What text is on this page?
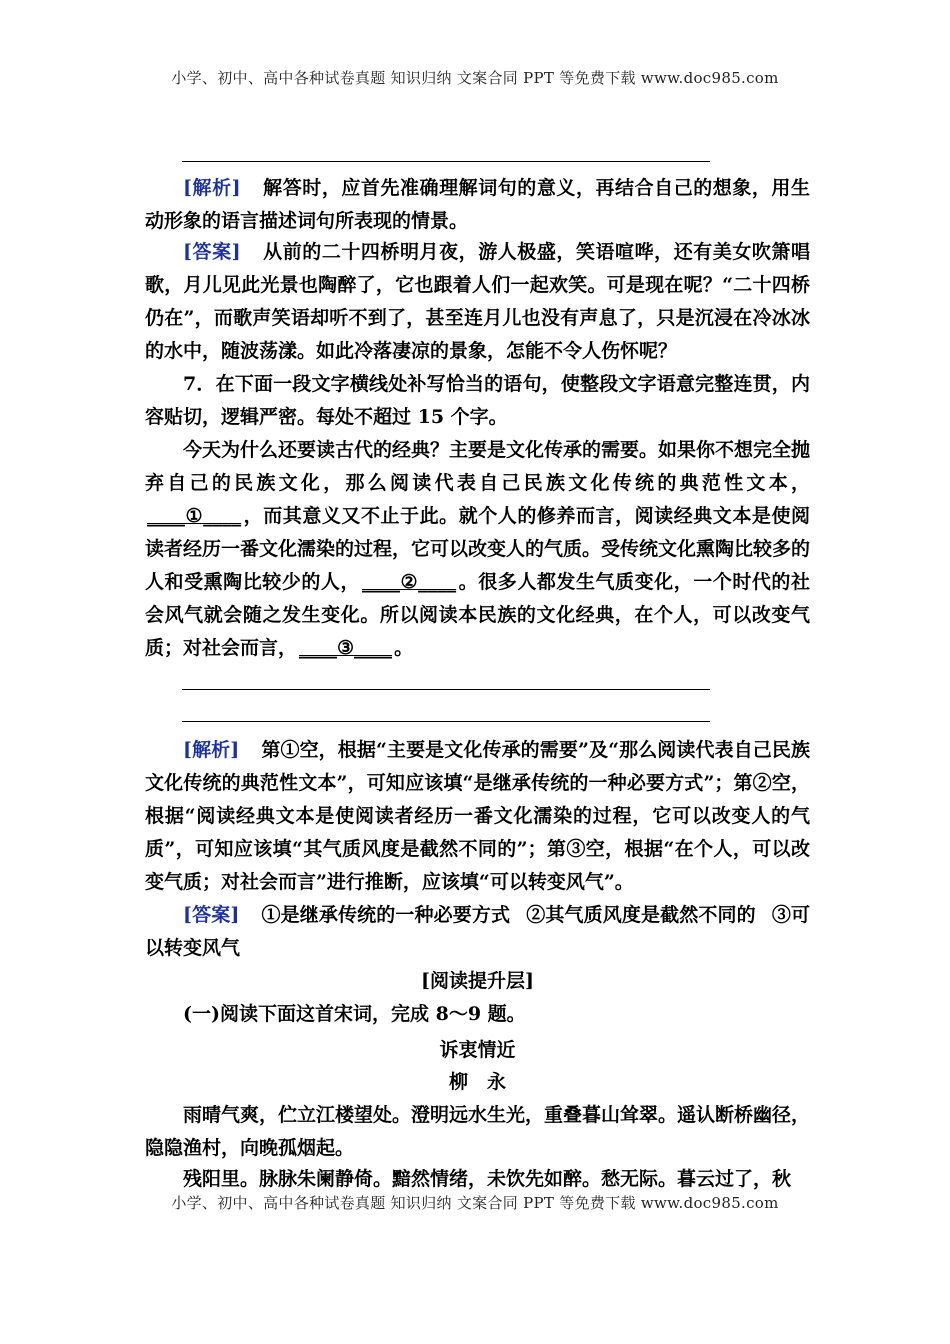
小学、初中、高中各种试卷真题 知识归纳 文案合同 PPT 等免费下载 www.doc985.com

[解析] 解答时，应首先准确理解词句的意义，再结合自己的想象，用生动形象的语言描述词句所表现的情景。

[答案] 从前的二十四桥明月夜，游人极盛，笑语喧哗，还有美女吹箫唱歌，月儿见此光景也陶醉了，它也跟着人们一起欢笑。可是现在呢？“二十四桥仍在”，而歌声笑语却听不到了，甚至连月儿也没有声息了，只是沉浸在冷冰冰的水中，随波荡漾。如此冷落凄凉的景象，怎能不令人伤怀呢？

7．在下面一段文字横线处补写恰当的语句，使整段文字语意完整连贯，内容贴切，逻辑严密。每处不超过 15 个字。

今天为什么还要读古代的经典？主要是文化传承的需要。如果你不想完全抛弃自己的民族文化，那么阅读代表自己民族文化传统的典范性文本，____①____ ，而其意义又不止于此。就个人的修养而言，阅读经典文本是使阅读者经历一番文化濡染的过程，它可以改变人的气质。受传统文化熏陶比较多的人和受熏陶比较少的人， ____②____ 。很多人都发生气质变化，一个时代的社会风气就会随之发生变化。所以阅读本民族的文化经典，在个人，可以改变气质；对社会而言， ____③____ 。

[解析] 第①空，根据“主要是文化传承的需要”及“那么阅读代表自己民族文化传统的典范性文本”，可知应该填“是继承传统的一种必要方式”；第②空，根据“阅读经典文本是使阅读者经历一番文化濡染的过程，它可以改变人的气质”，可知应该填“其气质风度是截然不同的”；第③空，根据“在个人，可以改变气质；对社会而言”进行推断，应该填“可以转变风气”。

[答案] ①是继承传统的一种必要方式 ②其气质风度是截然不同的 ③可以转变风气

[阅读提升层]

(一)阅读下面这首宋词，完成 8～9 题。

诉衷情近

柳　永

雨晴气爽，伫立江楼望处。澄明远水生光，重叠暮山耸翠。遥认断桥幽径，隐隐渔村，向晚孤烟起。

残阳里。脉脉朱阑静倚。黯然情绪，未饮先如醉。愁无际。暮云过了，秋

小学、初中、高中各种试卷真题 知识归纳 文案合同 PPT 等免费下载 www.doc985.com
